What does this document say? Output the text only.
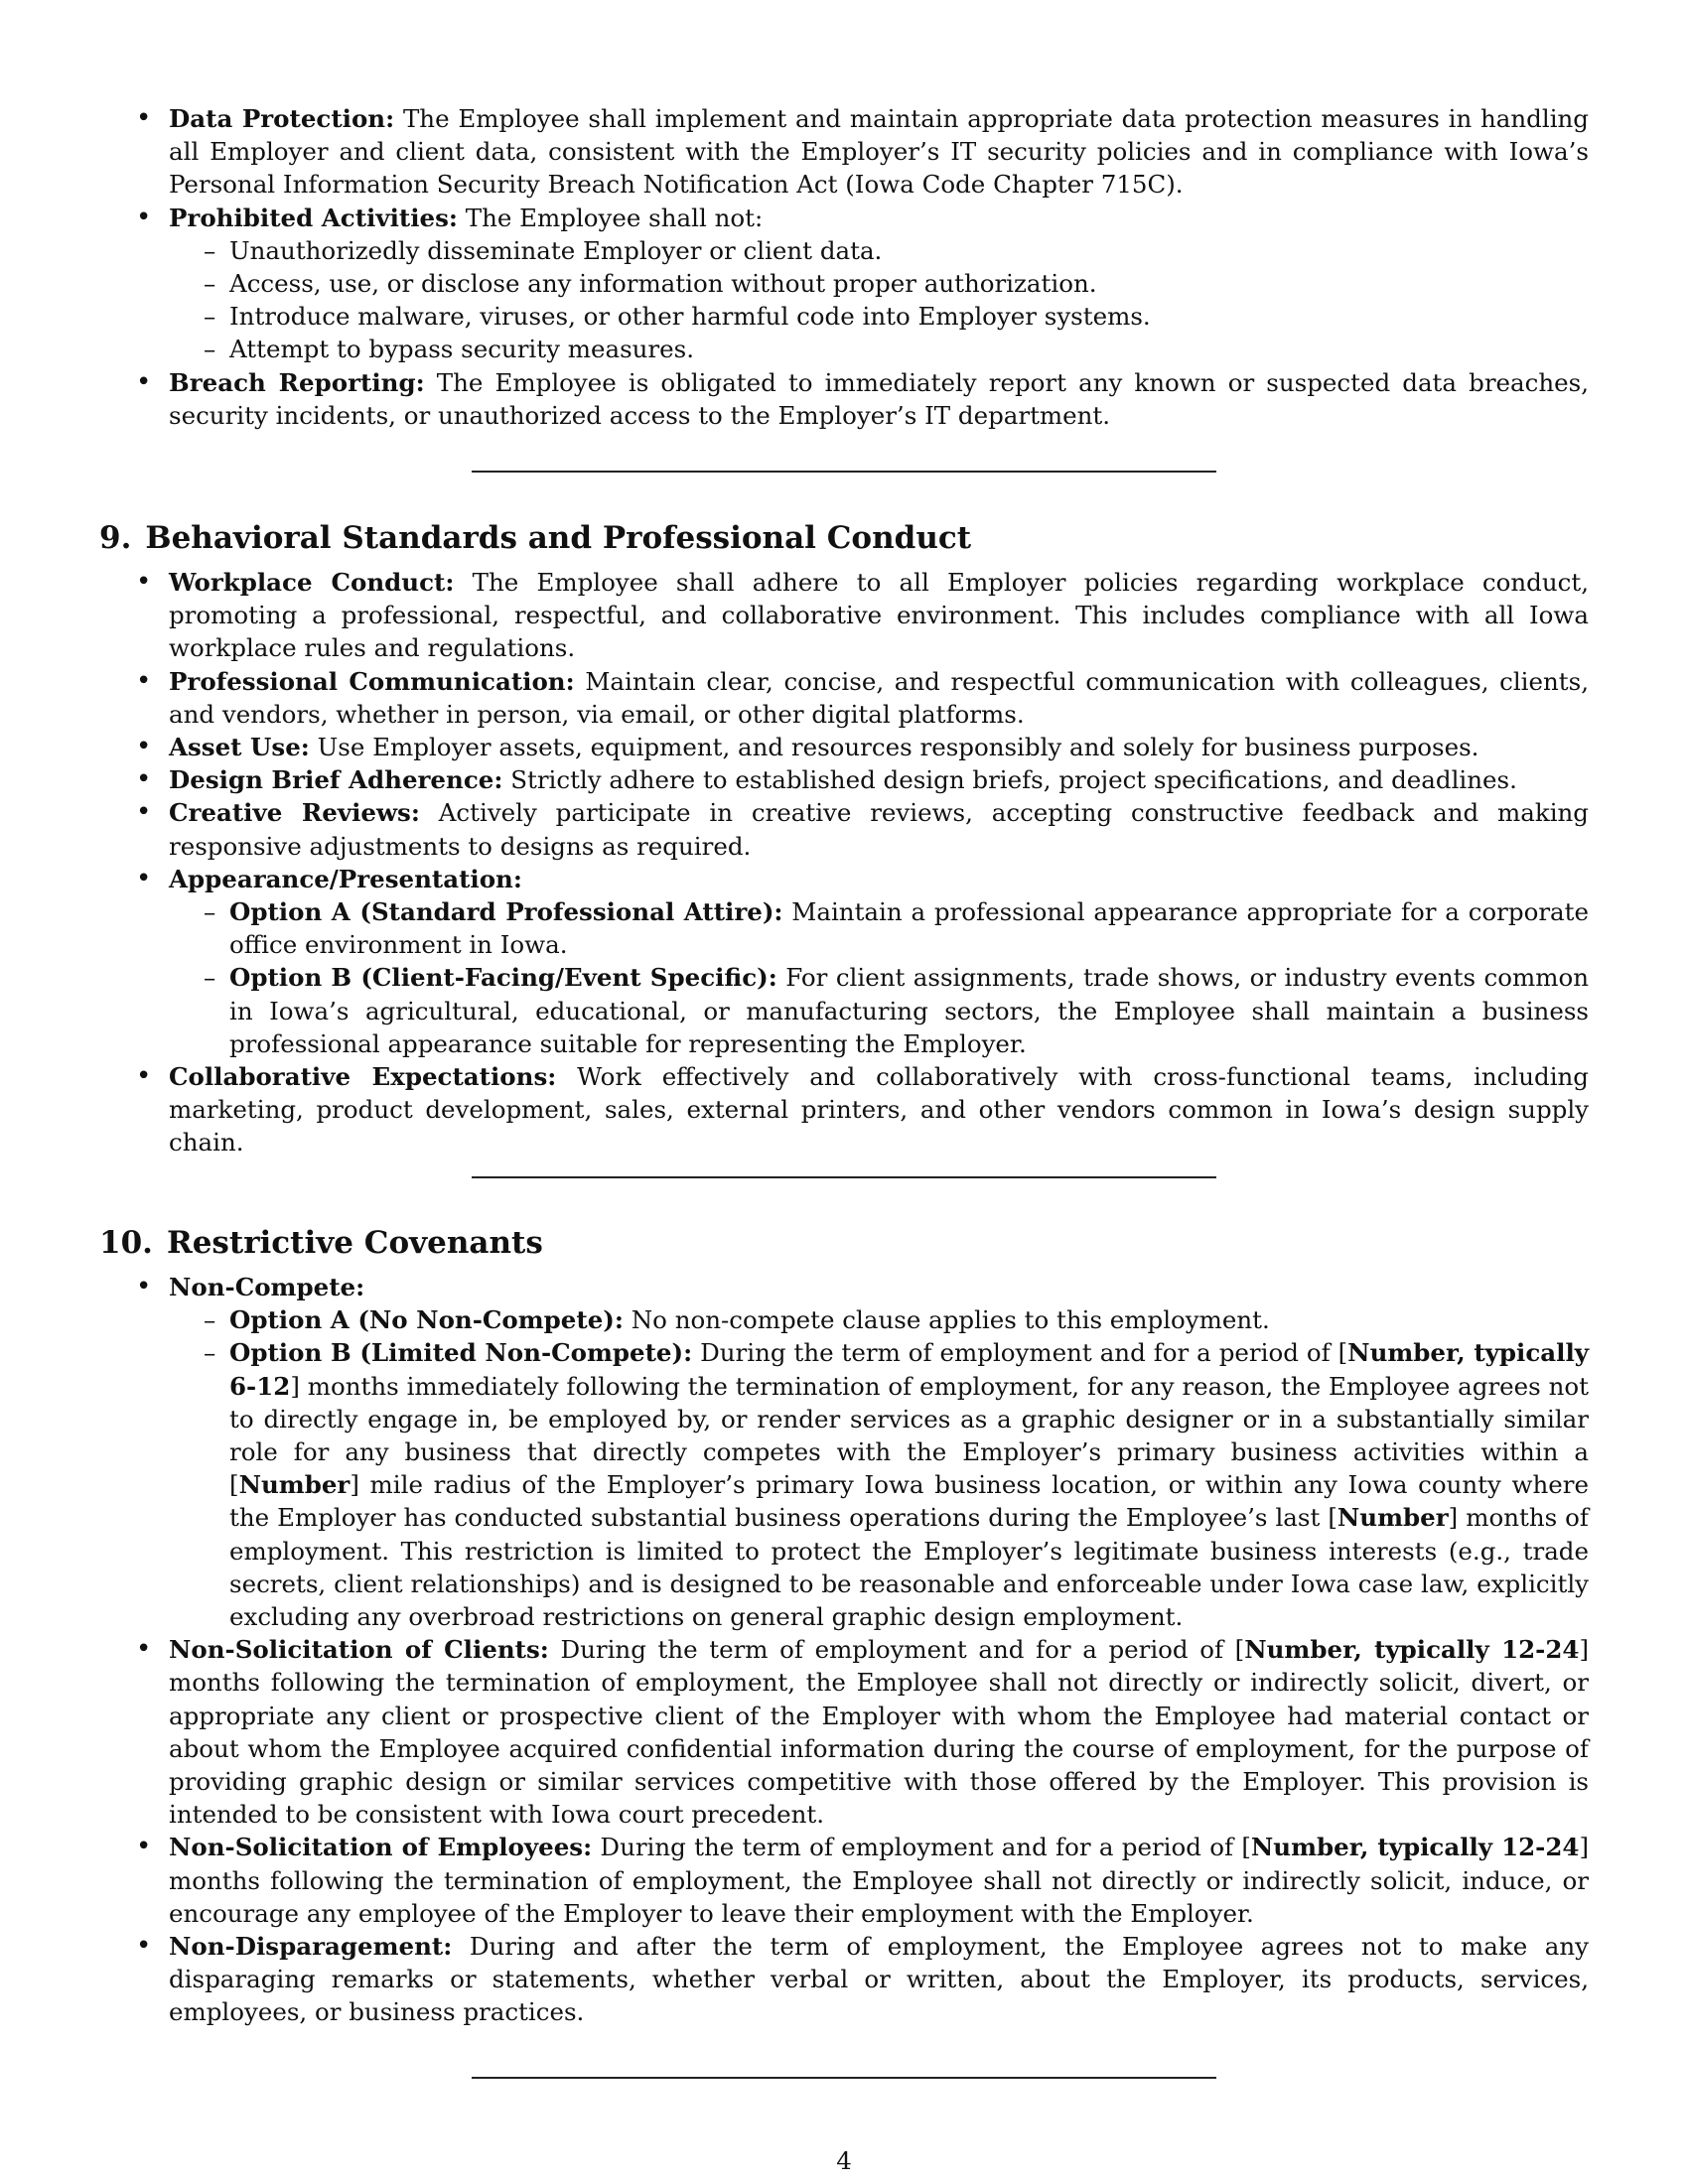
• Data Protection: The Employee shall implement and maintain appropriate data protection measures in handling all Employer and client data, consistent with the Employer’s IT security policies and in compliance with Iowa’s Personal Information Security Breach Notification Act (Iowa Code Chapter 715C).
• Prohibited Activities: The Employee shall not:
– Unauthorizedly disseminate Employer or client data.
– Access, use, or disclose any information without proper authorization.
– Introduce malware, viruses, or other harmful code into Employer systems.
– Attempt to bypass security measures.
• Breach Reporting: The Employee is obligated to immediately report any known or suspected data breaches, security incidents, or unauthorized access to the Employer’s IT department.
9. Behavioral Standards and Professional Conduct
• Workplace Conduct: The Employee shall adhere to all Employer policies regarding workplace conduct, promoting a professional, respectful, and collaborative environment. This includes compliance with all Iowa workplace rules and regulations.
• Professional Communication: Maintain clear, concise, and respectful communication with colleagues, clients, and vendors, whether in person, via email, or other digital platforms.
• Asset Use: Use Employer assets, equipment, and resources responsibly and solely for business purposes.
• Design Brief Adherence: Strictly adhere to established design briefs, project specifications, and deadlines.
• Creative Reviews: Actively participate in creative reviews, accepting constructive feedback and making responsive adjustments to designs as required.
• Appearance/Presentation:
– Option A (Standard Professional Attire): Maintain a professional appearance appropriate for a corporate office environment in Iowa.
– Option B (Client-Facing/Event Specific): For client assignments, trade shows, or industry events common in Iowa’s agricultural, educational, or manufacturing sectors, the Employee shall maintain a business professional appearance suitable for representing the Employer.
• Collaborative Expectations: Work effectively and collaboratively with cross-functional teams, including marketing, product development, sales, external printers, and other vendors common in Iowa’s design supply chain.
10. Restrictive Covenants
• Non-Compete:
– Option A (No Non-Compete): No non-compete clause applies to this employment.
– Option B (Limited Non-Compete): During the term of employment and for a period of [Number, typically 6-12] months immediately following the termination of employment, for any reason, the Employee agrees not to directly engage in, be employed by, or render services as a graphic designer or in a substantially similar role for any business that directly competes with the Employer’s primary business activities within a [Number] mile radius of the Employer’s primary Iowa business location, or within any Iowa county where the Employer has conducted substantial business operations during the Employee’s last [Number] months of employment. This restriction is limited to protect the Employer’s legitimate business interests (e.g., trade secrets, client relationships) and is designed to be reasonable and enforceable under Iowa case law, explicitly excluding any overbroad restrictions on general graphic design employment.
• Non-Solicitation of Clients: During the term of employment and for a period of [Number, typically 12-24] months following the termination of employment, the Employee shall not directly or indirectly solicit, divert, or appropriate any client or prospective client of the Employer with whom the Employee had material contact or about whom the Employee acquired confidential information during the course of employment, for the purpose of providing graphic design or similar services competitive with those offered by the Employer. This provision is intended to be consistent with Iowa court precedent.
• Non-Solicitation of Employees: During the term of employment and for a period of [Number, typically 12-24] months following the termination of employment, the Employee shall not directly or indirectly solicit, induce, or encourage any employee of the Employer to leave their employment with the Employer.
• Non-Disparagement: During and after the term of employment, the Employee agrees not to make any disparaging remarks or statements, whether verbal or written, about the Employer, its products, services, employees, or business practices.
4
